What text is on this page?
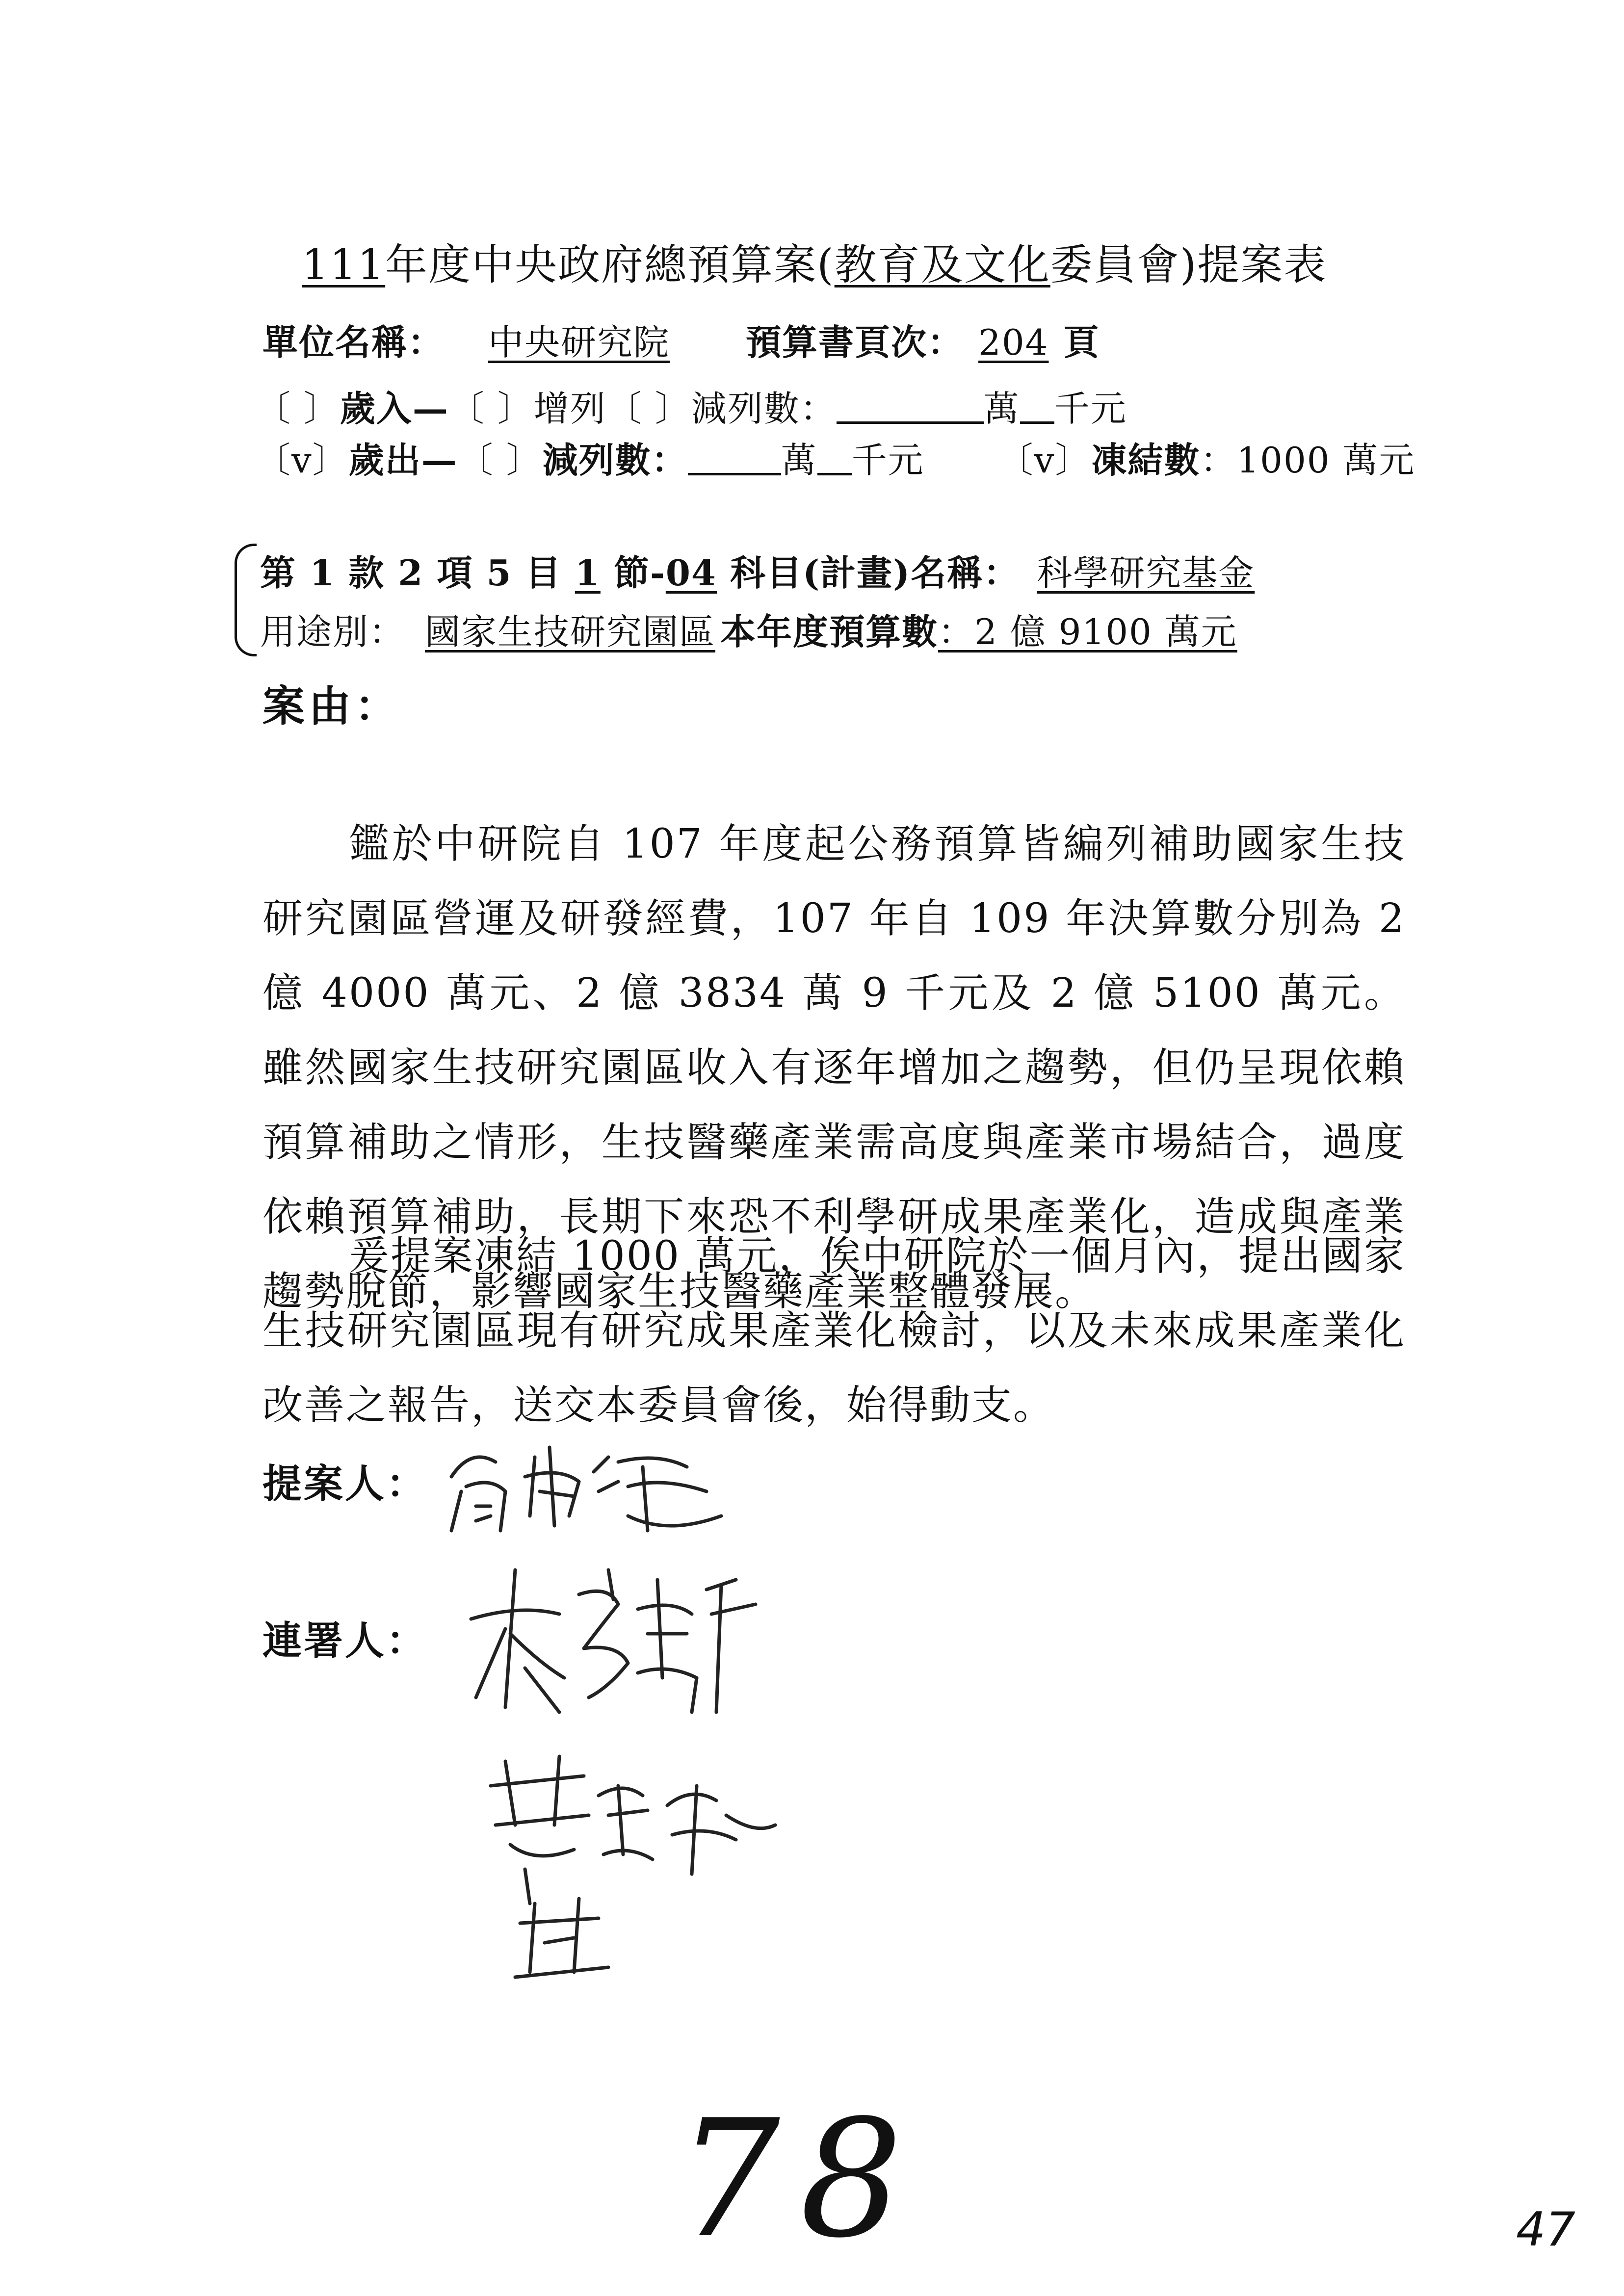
111年度中央政府總預算案(教育及文化委員會)提案表
單位名稱： 中央研究院 預算書頁次： 204 頁
〔 〕歲入—〔 〕增列〔 〕減列數：	萬 千元
〔v〕歲出—〔 〕減列數：	萬 千元 〔v〕凍結數：1000 萬元
第 1 款 2 項 5 目 1 節-04 科目(計畫)名稱： 科學研究基金
用途別： 國家生技研究園區 本年度預算數：2 億 9100 萬元
案由：
鑑於中研院自 107 年度起公務預算皆編列補助國家生技研究園區營運及研發經費，107 年自 109 年決算數分別為 2 億 4000 萬元、2 億 3834 萬 9 千元及 2 億 5100 萬元。雖然國家生技研究園區收入有逐年增加之趨勢，但仍呈現依賴預算補助之情形，生技醫藥產業需高度與產業市場結合，過度依賴預算補助，長期下來恐不利學研成果產業化，造成與產業趨勢脫節，影響國家生技醫藥產業整體發展。
爰提案凍結 1000 萬元，俟中研院於一個月內，提出國家生技研究園區現有研究成果產業化檢討，以及未來成果產業化改善之報告，送交本委員會後，始得動支。
提案人：
連署人：
78	47
